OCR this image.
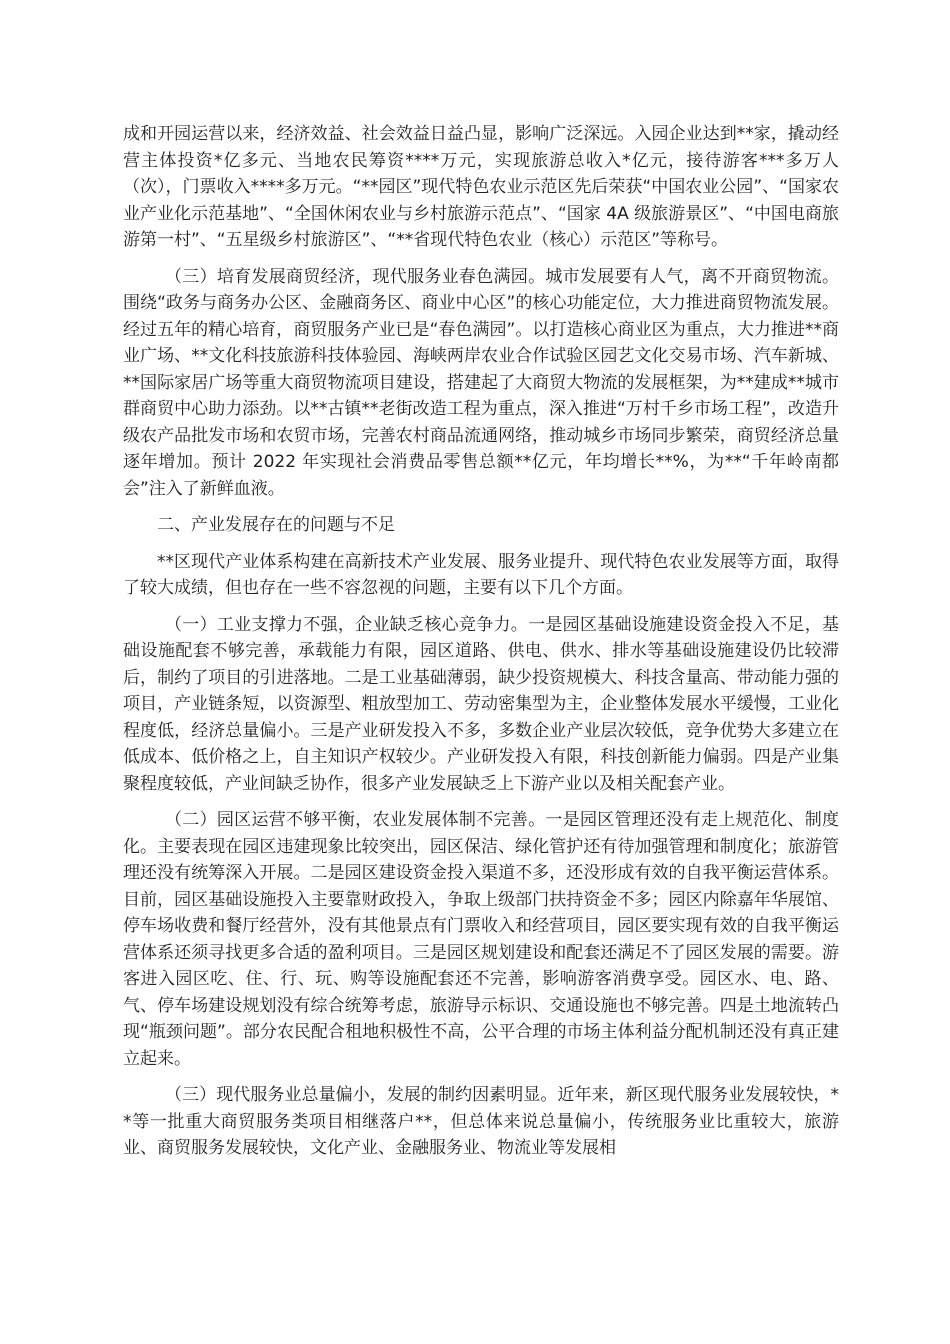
成和开园运营以来，经济效益、社会效益日益凸显，影响广泛深远。入园企业达到**家，撬动经营主体投资*亿多元、当地农民筹资****万元，实现旅游总收入*亿元，接待游客***多万人（次），门票收入****多万元。“**园区”现代特色农业示范区先后荣获“中国农业公园”、“国家农业产业化示范基地”、“全国休闲农业与乡村旅游示范点”、“国家 4A 级旅游景区”、“中国电商旅游第一村”、“五星级乡村旅游区”、“**省现代特色农业（核心）示范区”等称号。

（三）培育发展商贸经济，现代服务业春色满园。城市发展要有人气，离不开商贸物流。围绕“政务与商务办公区、金融商务区、商业中心区”的核心功能定位，大力推进商贸物流发展。经过五年的精心培育，商贸服务产业已是“春色满园”。以打造核心商业区为重点，大力推进**商业广场、**文化科技旅游科技体验园、海峡两岸农业合作试验区园艺文化交易市场、汽车新城、**国际家居广场等重大商贸物流项目建设，搭建起了大商贸大物流的发展框架，为**建成**城市群商贸中心助力添劲。以**古镇**老街改造工程为重点，深入推进“万村千乡市场工程”，改造升级农产品批发市场和农贸市场，完善农村商品流通网络，推动城乡市场同步繁荣，商贸经济总量逐年增加。预计 2022 年实现社会消费品零售总额**亿元，年均增长**%，为**“千年岭南都会”注入了新鲜血液。

二、产业发展存在的问题与不足

**区现代产业体系构建在高新技术产业发展、服务业提升、现代特色农业发展等方面，取得了较大成绩，但也存在一些不容忽视的问题，主要有以下几个方面。

（一）工业支撑力不强，企业缺乏核心竞争力。一是园区基础设施建设资金投入不足，基础设施配套不够完善，承载能力有限，园区道路、供电、供水、排水等基础设施建设仍比较滞后，制约了项目的引进落地。二是工业基础薄弱，缺少投资规模大、科技含量高、带动能力强的项目，产业链条短，以资源型、粗放型加工、劳动密集型为主，企业整体发展水平缓慢，工业化程度低，经济总量偏小。三是产业研发投入不多，多数企业产业层次较低，竞争优势大多建立在低成本、低价格之上，自主知识产权较少。产业研发投入有限，科技创新能力偏弱。四是产业集聚程度较低，产业间缺乏协作，很多产业发展缺乏上下游产业以及相关配套产业。

（二）园区运营不够平衡，农业发展体制不完善。一是园区管理还没有走上规范化、制度化。主要表现在园区违建现象比较突出，园区保洁、绿化管护还有待加强管理和制度化；旅游管理还没有统筹深入开展。二是园区建设资金投入渠道不多，还没形成有效的自我平衡运营体系。目前，园区基础设施投入主要靠财政投入，争取上级部门扶持资金不多；园区内除嘉年华展馆、停车场收费和餐厅经营外，没有其他景点有门票收入和经营项目，园区要实现有效的自我平衡运营体系还须寻找更多合适的盈利项目。三是园区规划建设和配套还满足不了园区发展的需要。游客进入园区吃、住、行、玩、购等设施配套还不完善，影响游客消费享受。园区水、电、路、气、停车场建设规划没有综合统筹考虑，旅游导示标识、交通设施也不够完善。四是土地流转凸现“瓶颈问题”。部分农民配合租地积极性不高，公平合理的市场主体利益分配机制还没有真正建立起来。

（三）现代服务业总量偏小，发展的制约因素明显。近年来，新区现代服务业发展较快，**等一批重大商贸服务类项目相继落户**，但总体来说总量偏小，传统服务业比重较大，旅游业、商贸服务发展较快，文化产业、金融服务业、物流业等发展相
